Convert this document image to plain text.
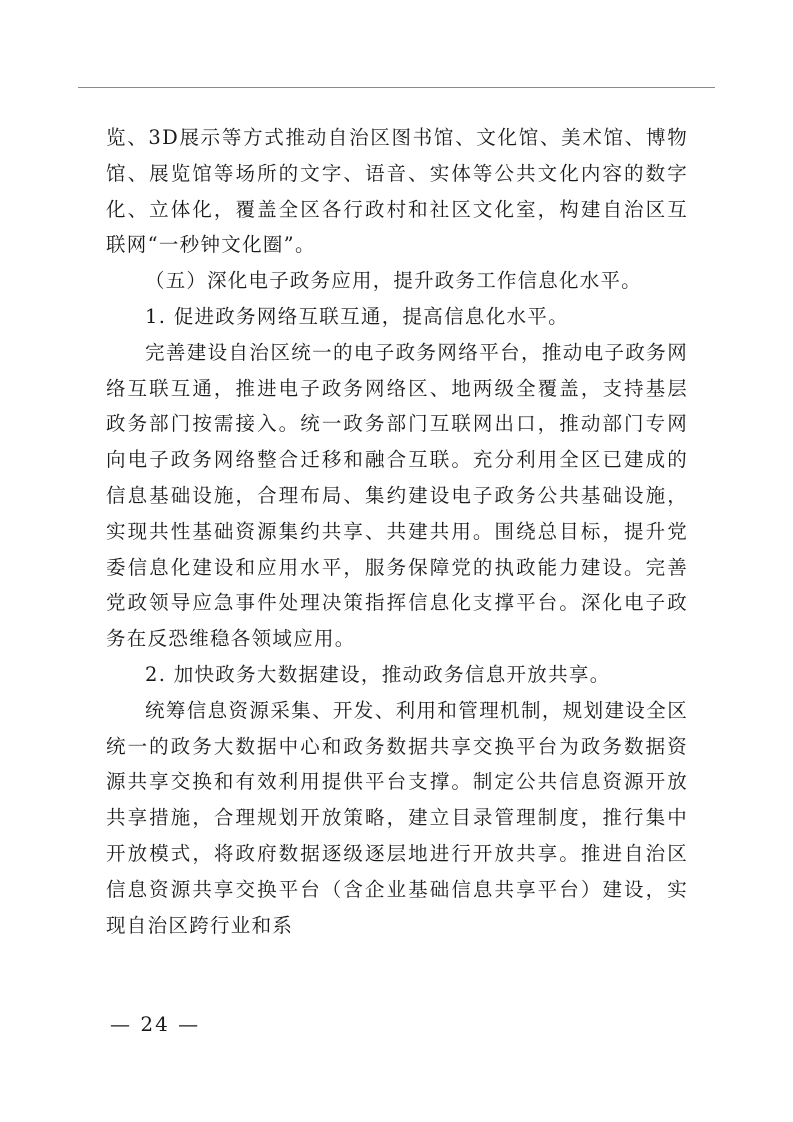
览、3D展示等方式推动自治区图书馆、文化馆、美术馆、博物馆、展览馆等场所的文字、语音、实体等公共文化内容的数字化、立体化，覆盖全区各行政村和社区文化室，构建自治区互联网“一秒钟文化圈”。

（五）深化电子政务应用，提升政务工作信息化水平。

1. 促进政务网络互联互通，提高信息化水平。

完善建设自治区统一的电子政务网络平台，推动电子政务网络互联互通，推进电子政务网络区、地两级全覆盖，支持基层政务部门按需接入。统一政务部门互联网出口，推动部门专网向电子政务网络整合迁移和融合互联。充分利用全区已建成的信息基础设施，合理布局、集约建设电子政务公共基础设施，实现共性基础资源集约共享、共建共用。围绕总目标，提升党委信息化建设和应用水平，服务保障党的执政能力建设。完善党政领导应急事件处理决策指挥信息化支撑平台。深化电子政务在反恐维稳各领域应用。

2. 加快政务大数据建设，推动政务信息开放共享。

统筹信息资源采集、开发、利用和管理机制，规划建设全区统一的政务大数据中心和政务数据共享交换平台为政务数据资源共享交换和有效利用提供平台支撑。制定公共信息资源开放共享措施，合理规划开放策略，建立目录管理制度，推行集中开放模式，将政府数据逐级逐层地进行开放共享。推进自治区信息资源共享交换平台（含企业基础信息共享平台）建设，实现自治区跨行业和系

— 24 —
